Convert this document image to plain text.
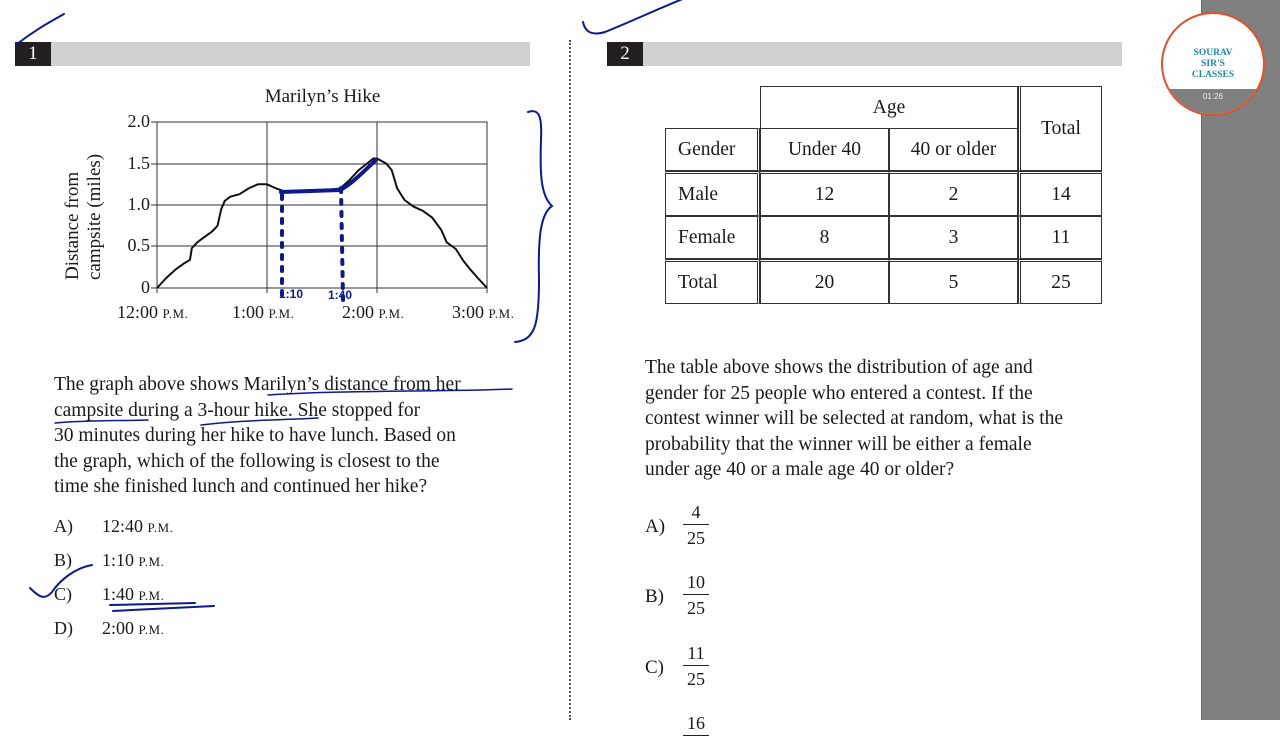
1	2
Marilyn’s Hike
Distance from campsite (miles)
2.0
1.5
1.0
0.5
0
12:00 P.M. 1:00 P.M.	2:00 P.M.	3:00 P.M.
1:10 1:40
The graph above shows Marilyn’s distance from her
campsite during a 3-hour hike. She stopped for
30 minutes during her hike to have lunch. Based on
the graph, which of the following is closest to the
time she finished lunch and continued her hike?
A) 12:40 P.M.
B) 1:10 P.M.
C) 1:40 P.M.
D) 2:00 P.M.
	Age		Total
Gender	Under 40	40 or older	
Male	12	2	14
Female	8	3	11
Total	20	5	25
The table above shows the distribution of age and
gender for 25 people who entered a contest. If the
contest winner will be selected at random, what is the
probability that the winner will be either a female
under age 40 or a male age 40 or older?
$A) \frac{4}{25}$
$B) \frac{10}{25}$
$C) \frac{11}{25}$
16
SOURAV
SIR'S
CLASSES
01:26
